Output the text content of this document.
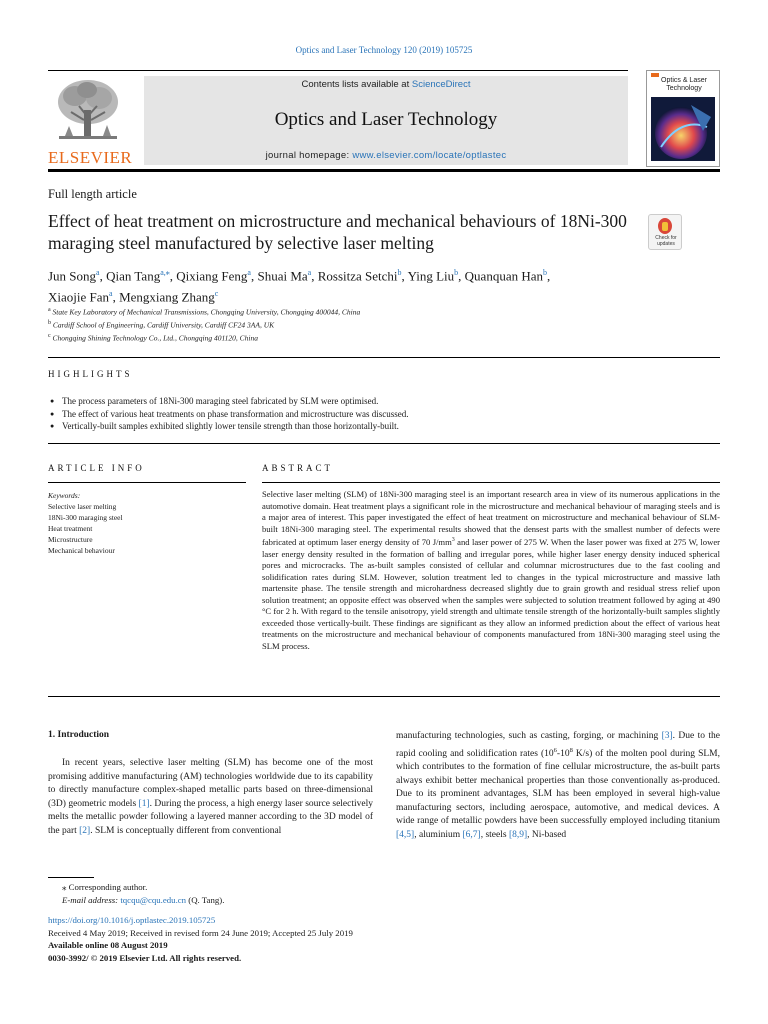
Optics and Laser Technology 120 (2019) 105725
ELSEVIER
Contents lists available at ScienceDirect
Optics and Laser Technology
journal homepage: www.elsevier.com/locate/optlastec
Optics & Laser Technology
Full length article
Effect of heat treatment on microstructure and mechanical behaviours of 18Ni-300 maraging steel manufactured by selective laser melting	Check for updates
Jun Song$^a$, Qian Tang$^{a,⁎}$, Qixiang Feng$^a$, Shuai Ma$^a$, Rossitza Setchi$^b$, Ying Liu$^b$, Quanquan Han$^b$,
Xiaojie Fan$^a$, Mengxiang Zhang$^c$
$^a$ State Key Laboratory of Mechanical Transmissions, Chongqing University, Chongqing 400044, China
$^b$ Cardiff School of Engineering, Cardiff University, Cardiff CF24 3AA, UK
$^c$ Chongqing Shining Technology Co., Ltd., Chongqing 401120, China
HIGHLIGHTS
● The process parameters of 18Ni-300 maraging steel fabricated by SLM were optimised.
● The effect of various heat treatments on phase transformation and microstructure was discussed.
● Vertically-built samples exhibited slightly lower tensile strength than those horizontally-built.
ARTICLE INFO	ABSTRACT
Keywords:
Selective laser melting
18Ni-300 maraging steel
Heat treatment
Microstructure
Mechanical behaviour
Selective laser melting (SLM) of 18Ni-300 maraging steel is an important research area in view of its numerous applications in the automotive domain. Heat treatment plays a significant role in the microstructure and mechanical behaviour of maraging steels and is a major area of interest. This paper investigated the effect of heat treatment on microstructure and mechanical behaviour of SLM-built 18Ni-300 maraging steel. The experimental results showed that the densest parts with the smallest number of defects were fabricated at optimum laser energy density of 70 $J/mm^3$ and laser power of 275 W. When the laser power was fixed at 275 W, lower laser energy density resulted in the formation of balling and irregular pores, while higher laser energy density induced spherical pores and microcracks. The as-built samples consisted of cellular and columnar microstructures due to the fast cooling and solidification rates during SLM. However, solution treatment led to changes in the typical microstructure and massive lath martensite phase. The tensile strength and microhardness decreased slightly due to grain growth and residual stress relief upon solution treatment; an opposite effect was observed when the samples were subjected to solution treatment followed by aging at 490 °C for 2 h. With regard to the tensile anisotropy, yield strength and ultimate tensile strength of the horizontally-built samples slightly exceeded those vertically-built. These findings are significant as they allow an informed prediction about the effect of various heat treatments on the microstructure and mechanical behaviour of components manufactured from 18Ni-300 maraging steel using the SLM process.
1. Introduction
In recent years, selective laser melting (SLM) has become one of the most promising additive manufacturing (AM) technologies worldwide due to its capability to directly manufacture complex-shaped metallic parts based on three-dimensional (3D) geometric models [1]. During the process, a high energy laser source selectively melts the metallic powder following a layered manner according to the 3D model of the part [2]. SLM is conceptually different from conventional
manufacturing technologies, such as casting, forging, or machining [3]. Due to the rapid cooling and solidification rates ($10^6-10^8$ K/s) of the molten pool during SLM, which contributes to the formation of fine cellular microstructure, the as-built parts always exhibit better mechanical properties than those conventionally as-produced. Due to its prominent advantages, SLM has been employed in several high-value manufacturing sectors, including aerospace, automotive, and medical devices. A wide range of metallic powders have been successfully employed including titanium [4,5], aluminium [6,7], steels [8,9], Ni-based
⁎ Corresponding author.
E-mail address: tqcqu@cqu.edu.cn (Q. Tang).
https://doi.org/10.1016/j.optlastec.2019.105725
Received 4 May 2019; Received in revised form 24 June 2019; Accepted 25 July 2019
Available online 08 August 2019
0030-3992/ © 2019 Elsevier Ltd. All rights reserved.
